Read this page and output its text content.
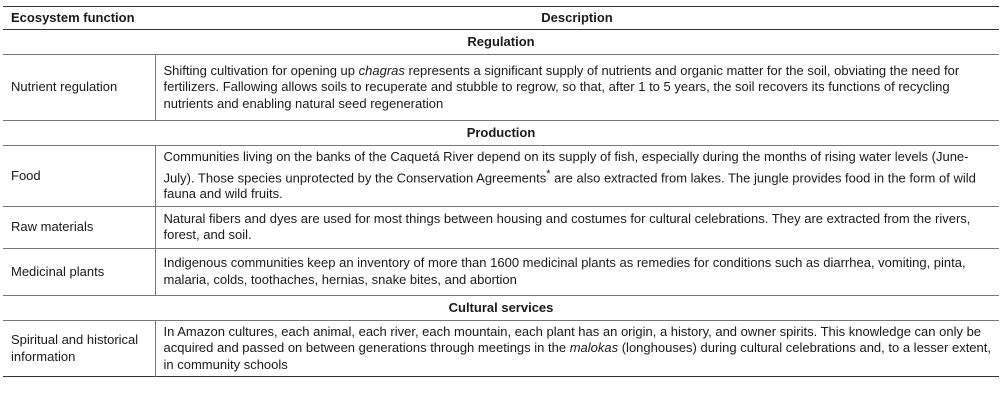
Ecosystem function	Description
Regulation	
Nutrient regulation	Shifting cultivation for opening up chagras represents a significant supply of nutrients and organic matter for the soil, obviating the need for fertilizers. Fallowing allows soils to recuperate and stubble to regrow, so that, after 1 to 5 years, the soil recovers its functions of recycling nutrients and enabling natural seed regeneration
Production	
Food	Communities living on the banks of the Caquetá River depend on its supply of fish, especially during the months of rising water levels (June-July). Those species unprotected by the Conservation Agreements* are also extracted from lakes. The jungle provides food in the form of wild fauna and wild fruits.
Raw materials	Natural fibers and dyes are used for most things between housing and costumes for cultural celebrations. They are extracted from the rivers, forest, and soil.
Medicinal plants	Indigenous communities keep an inventory of more than 1600 medicinal plants as remedies for conditions such as diarrhea, vomiting, pinta, malaria, colds, toothaches, hernias, snake bites, and abortion
Cultural services	
Spiritual and historical information	In Amazon cultures, each animal, each river, each mountain, each plant has an origin, a history, and owner spirits. This knowledge can only be acquired and passed on between generations through meetings in the malokas (longhouses) during cultural celebrations and, to a lesser extent, in community schools
